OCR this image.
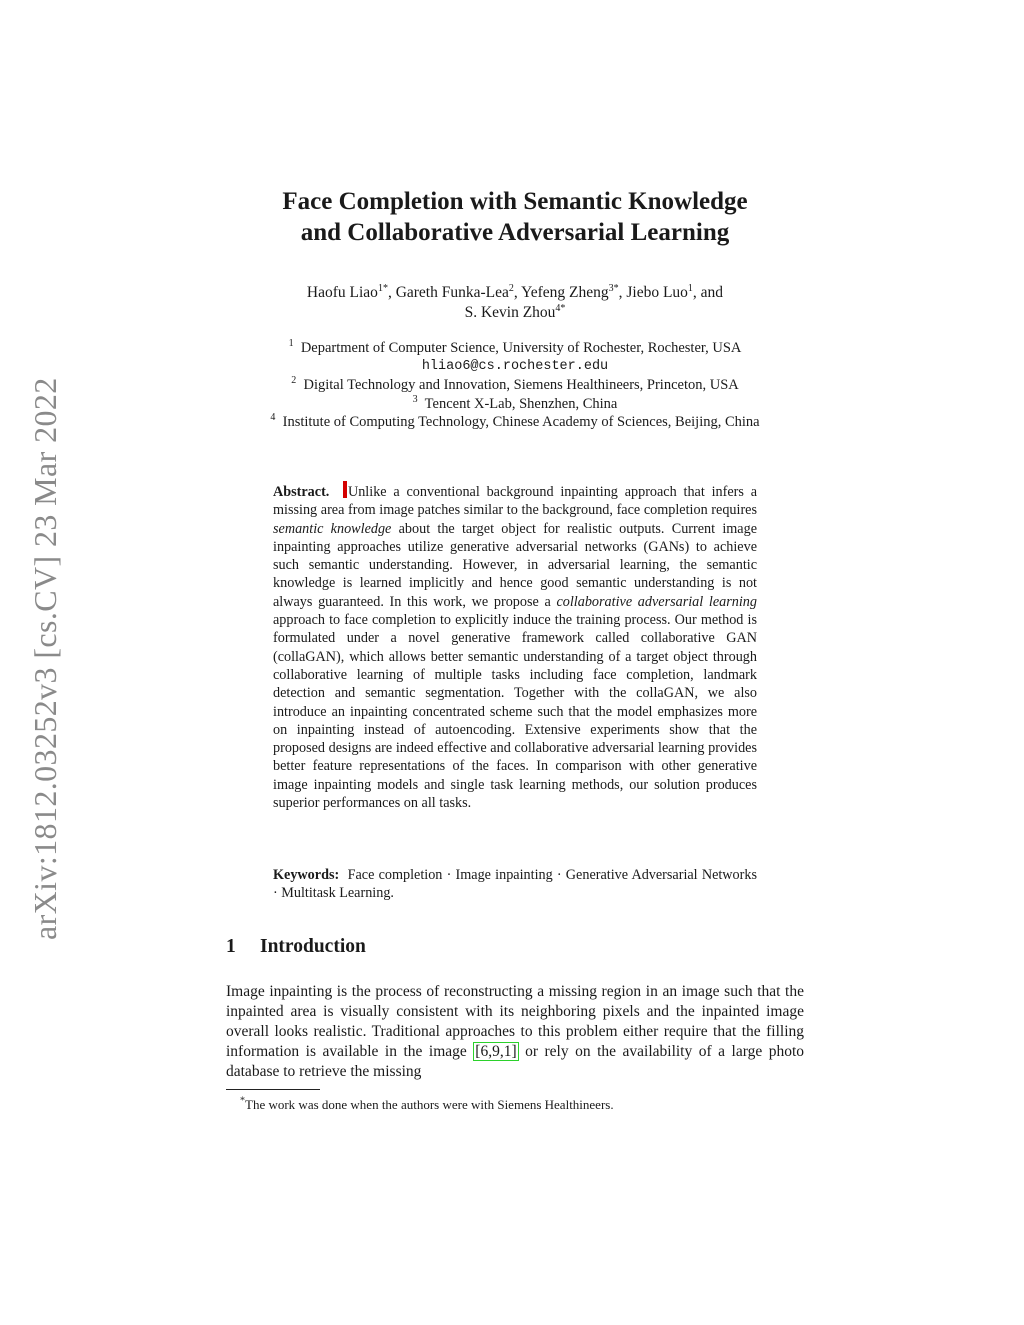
arXiv:1812.03252v3 [cs.CV] 23 Mar 2022
Face Completion with Semantic Knowledge
and Collaborative Adversarial Learning
Haofu Liao$^{1*}$, Gareth Funka-Lea$^2$, Yefeng Zheng$^{3*}$, Jiebo Luo$^1$, and
S. Kevin Zhou$^{4*}$
$^1$ Department of Computer Science, University of Rochester, Rochester, USA
hliao6@cs.rochester.edu
$^2$ Digital Technology and Innovation, Siemens Healthineers, Princeton, USA
$^3$ Tencent X-Lab, Shenzhen, China
$^4$ Institute of Computing Technology, Chinese Academy of Sciences, Beijing, China

Abstract. Unlike a conventional background inpainting approach that infers a missing area from image patches similar to the background, face completion requires semantic knowledge about the target object for realistic outputs. Current image inpainting approaches utilize generative adversarial networks (GANs) to achieve such semantic understanding. However, in adversarial learning, the semantic knowledge is learned implicitly and hence good semantic understanding is not always guaranteed. In this work, we propose a collaborative adversarial learning approach to face completion to explicitly induce the training process. Our method is formulated under a novel generative framework called collaborative GAN (collaGAN), which allows better semantic understanding of a target object through collaborative learning of multiple tasks including face completion, landmark detection and semantic segmentation. Together with the collaGAN, we also introduce an inpainting concentrated scheme such that the model emphasizes more on inpainting instead of autoencoding. Extensive experiments show that the proposed designs are indeed effective and collaborative adversarial learning provides better feature representations of the faces. In comparison with other generative image inpainting models and single task learning methods, our solution produces superior performances on all tasks.

Keywords: Face completion · Image inpainting · Generative Adversarial Networks · Multitask Learning.

1 Introduction

Image inpainting is the process of reconstructing a missing region in an image such that the inpainted area is visually consistent with its neighboring pixels and the inpainted image overall looks realistic. Traditional approaches to this problem either require that the filling information is available in the image [6,9,1] or rely on the availability of a large photo database to retrieve the missing

*The work was done when the authors were with Siemens Healthineers.
